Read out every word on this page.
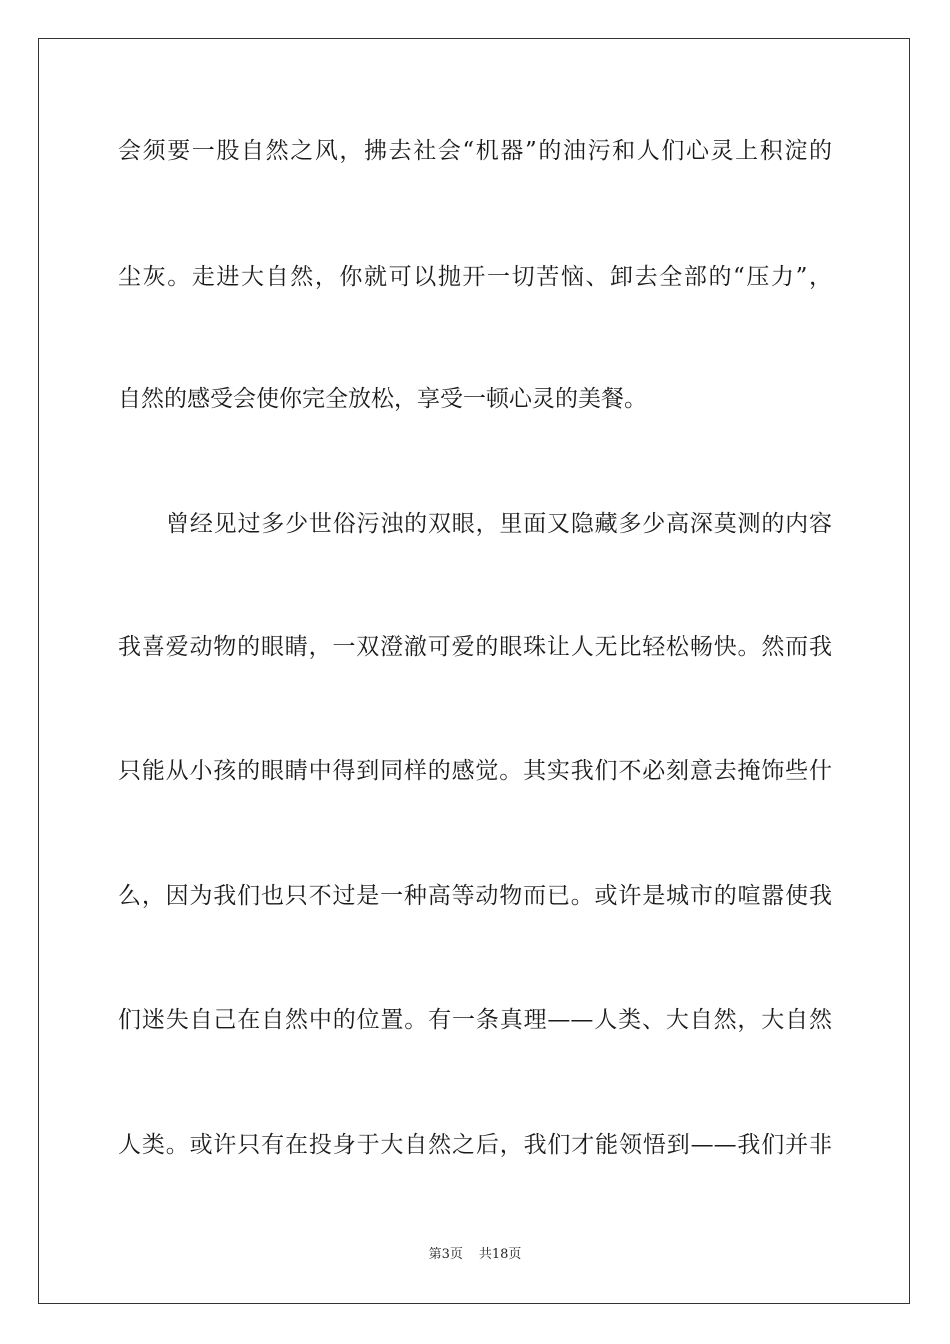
会须要一股自然之风，拂去社会“机器”的油污和人们心灵上积淀的
尘灰。走进大自然，你就可以抛开一切苦恼、卸去全部的“压力”，
自然的感受会使你完全放松，享受一顿心灵的美餐。
曾经见过多少世俗污浊的双眼，里面又隐藏多少高深莫测的内容
我喜爱动物的眼睛，一双澄澈可爱的眼珠让人无比轻松畅快。然而我
只能从小孩的眼睛中得到同样的感觉。其实我们不必刻意去掩饰些什
么，因为我们也只不过是一种高等动物而已。或许是城市的喧嚣使我
们迷失自己在自然中的位置。有一条真理——人类、大自然，大自然
人类。或许只有在投身于大自然之后，我们才能领悟到——我们并非
第3页 共18页
